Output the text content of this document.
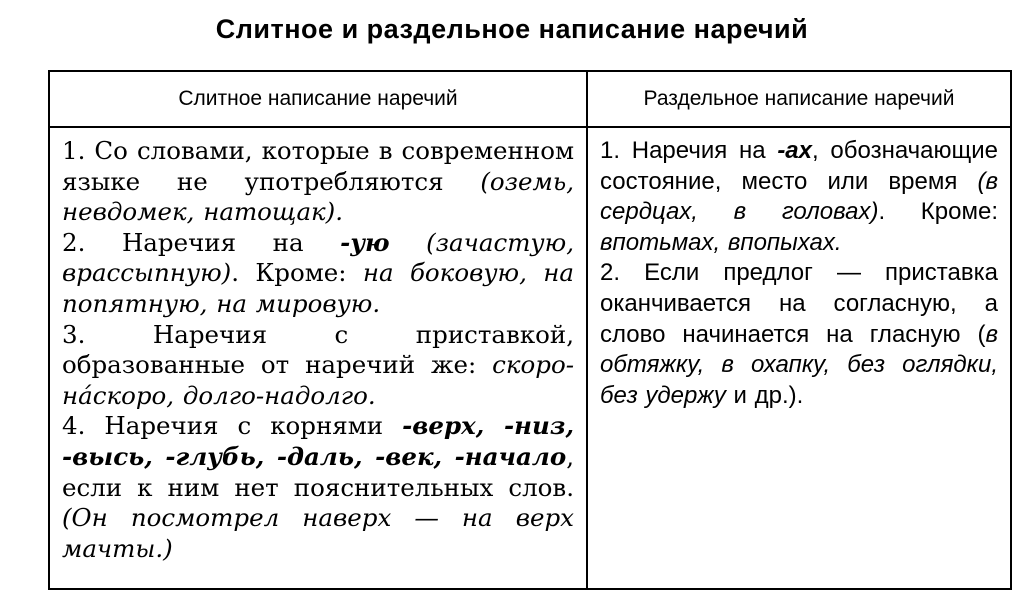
Слитное и раздельное написание наречий
Слитное написание наречий	Раздельное написание наречий

1. Со словами, которые в современном языке не употребляются (оземь, невдомек, натощак).

2. Наречия на -ую (зачастую, врассыпную). Кроме: на боковую, на попятную, на мировую.

3. Наречия с приставкой, образованные от наречий же: скоро-нáскоро, долго-надолго.

4. Наречия с корнями -верх, -низ, -высь, -глубь, -даль, -век, -начало, если к ним нет пояснительных слов. (Он посмотрел наверх — на верх мачты.)

1. Наречия на -ах, обозначающие состояние, место или время (в сердцах, в головах). Кроме: впотьмах, впопыхах.

2. Если предлог — приставка оканчивается на согласную, а слово начинается на гласную (в обтяжку, в охапку, без оглядки, без удержу и др.).
